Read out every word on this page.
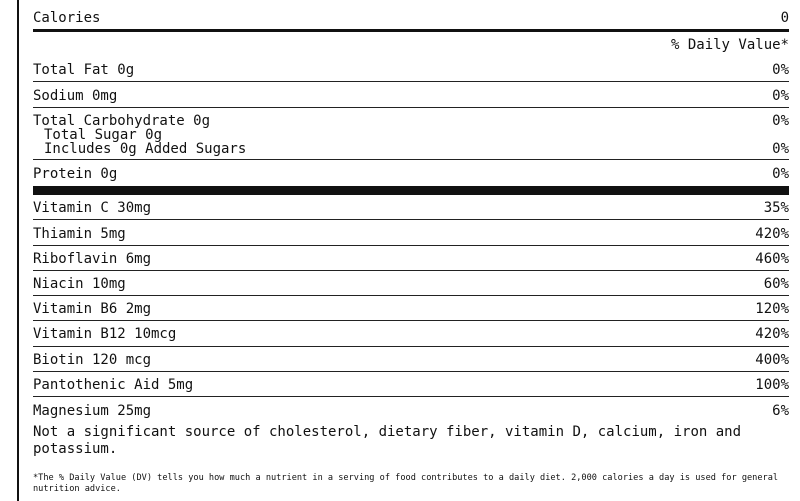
Calories	0
% Daily Value*
Total Fat 0g	0%
Sodium 0mg	0%
Total Carbohydrate 0g	0%
Total Sugar 0g
Includes 0g Added Sugars	0%
Protein 0g	0%
Vitamin C 30mg	35%
Thiamin 5mg	420%
Riboflavin 6mg	460%
Niacin 10mg	60%
Vitamin B6 2mg	120%
Vitamin B12 10mcg	420%
Biotin 120 mcg	400%
Pantothenic Aid 5mg	100%
Magnesium 25mg	6%
Not a significant source of cholesterol, dietary fiber, vitamin D, calcium, iron and potassium.
*The % Daily Value (DV) tells you how much a nutrient in a serving of food contributes to a daily diet. 2,000 calories a day is used for general nutrition advice.
